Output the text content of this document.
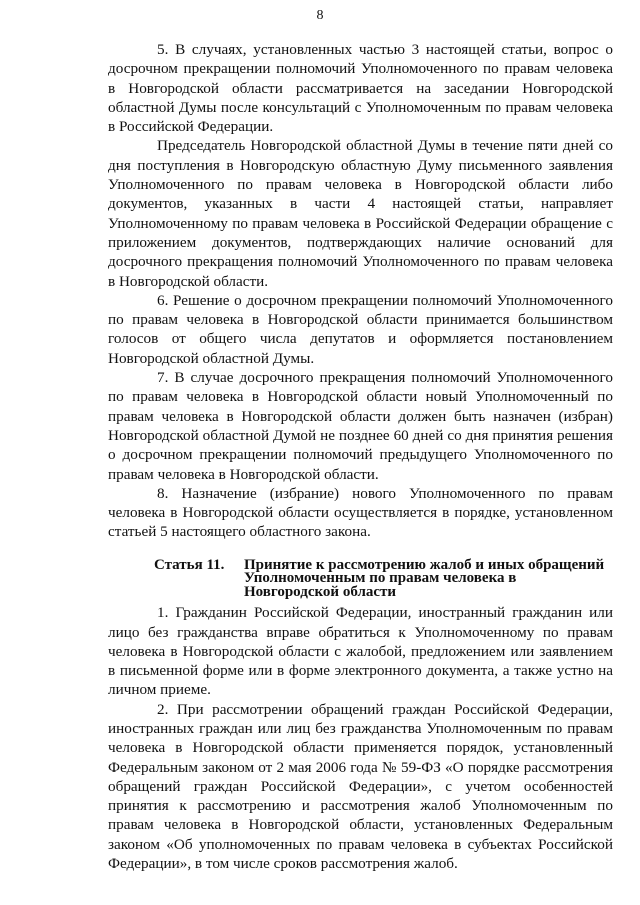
8

5. В случаях, установленных частью 3 настоящей статьи, вопрос о досрочном прекращении полномочий Уполномоченного по правам человека в Новгородской области рассматривается на заседании Новгородской областной Думы после консультаций с Уполномоченным по правам человека в Российской Федерации.

Председатель Новгородской областной Думы в течение пяти дней со дня поступления в Новгородскую областную Думу письменного заявления Уполномоченного по правам человека в Новгородской области либо документов, указанных в части 4 настоящей статьи, направляет Уполномоченному по правам человека в Российской Федерации обращение с приложением документов, подтверждающих наличие оснований для досрочного прекращения полномочий Уполномоченного по правам человека в Новгородской области.

6. Решение о досрочном прекращении полномочий Уполномоченного по правам человека в Новгородской области принимается большинством голосов от общего числа депутатов и оформляется постановлением Новгородской областной Думы.

7. В случае досрочного прекращения полномочий Уполномоченного по правам человека в Новгородской области новый Уполномоченный по правам человека в Новгородской области должен быть назначен (избран) Новгородской областной Думой не позднее 60 дней со дня принятия решения о досрочном прекращении полномочий предыдущего Уполномоченного по правам человека в Новгородской области.

8. Назначение (избрание) нового Уполномоченного по правам человека в Новгородской области осуществляется в порядке, установленном статьей 5 настоящего областного закона.

Статья 11.	Принятие к рассмотрению жалоб и иных обращений Уполномоченным по правам человека в Новгородской области

1. Гражданин Российской Федерации, иностранный гражданин или лицо без гражданства вправе обратиться к Уполномоченному по правам человека в Новгородской области с жалобой, предложением или заявлением в письменной форме или в форме электронного документа, а также устно на личном приеме.

2. При рассмотрении обращений граждан Российской Федерации, иностранных граждан или лиц без гражданства Уполномоченным по правам человека в Новгородской области применяется порядок, установленный Федеральным законом от 2 мая 2006 года № 59-ФЗ «О порядке рассмотрения обращений граждан Российской Федерации», с учетом особенностей принятия к рассмотрению и рассмотрения жалоб Уполномоченным по правам человека в Новгородской области, установленных Федеральным законом «Об уполномоченных по правам человека в субъектах Российской Федерации», в том числе сроков рассмотрения жалоб.
